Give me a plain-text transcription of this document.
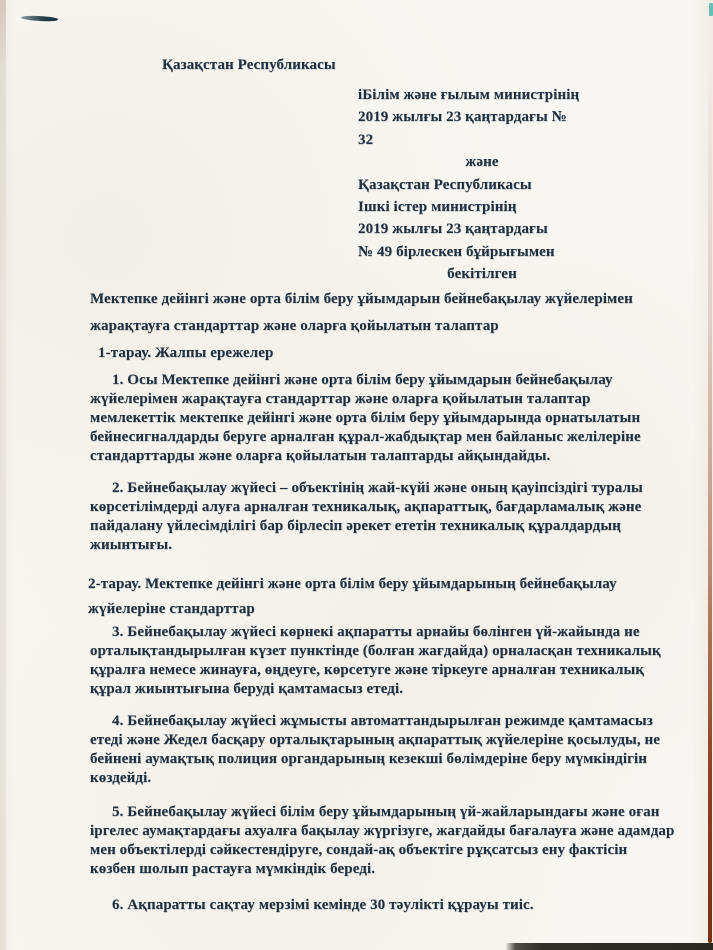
Қазақстан Республикасы
іБілім және ғылым министрінің
2019 жылғы 23 қаңтардағы №
32
және
Қазақстан Республикасы
Ішкі істер министрінің
2019 жылғы 23 қаңтардағы
№ 49 бірлескен бұйрығымен
бекітілген
Мектепке дейінгі және орта білім беру ұйымдарын бейнебақылау жүйелерімен жарақтауға стандарттар және оларға қойылатын талаптар
1-тарау. Жалпы ережелер
1. Осы Мектепке дейінгі және орта білім беру ұйымдарын бейнебақылау жүйелерімен жарақтауға стандарттар және оларға қойылатын талаптар мемлекеттік мектепке дейінгі және орта білім беру ұйымдарында орнатылатын бейнесигналдарды беруге арналған құрал-жабдықтар мен байланыс желілеріне стандарттарды және оларға қойылатын талаптарды айқындайды.
2. Бейнебақылау жүйесі – объектінің жай-күйі және оның қауіпсіздігі туралы көрсетілімдерді алуға арналған техникалық, ақпараттық, бағдарламалық және пайдалану үйлесімділігі бар бірлесіп әрекет ететін техникалық құралдардың жиынтығы.
2-тарау. Мектепке дейінгі және орта білім беру ұйымдарының бейнебақылау жүйелеріне стандарттар
3. Бейнебақылау жүйесі көрнекі ақпаратты арнайы бөлінген үй-жайында не орталықтандырылған күзет пунктінде (болған жағдайда) орналасқан техникалық құралға немесе жинауға, өңдеуге, көрсетуге және тіркеуге арналған техникалық құрал жиынтығына беруді қамтамасыз етеді.
4. Бейнебақылау жүйесі жұмысты автоматтандырылған режимде қамтамасыз етеді және Жедел басқару орталықтарының ақпараттық жүйелеріне қосылуды, не бейнені аумақтық полиция органдарының кезекші бөлімдеріне беру мүмкіндігін көздейді.
5. Бейнебақылау жүйесі білім беру ұйымдарының үй-жайларындағы және оған іргелес аумақтардағы ахуалға бақылау жүргізуге, жағдайды бағалауға және адамдар мен объектілерді сәйкестендіруге, сондай-ақ объектіге рұқсатсыз ену фактісін көзбен шолып растауға мүмкіндік береді.
6. Ақпаратты сақтау мерзімі кемінде 30 тәулікті құрауы тиіс.
